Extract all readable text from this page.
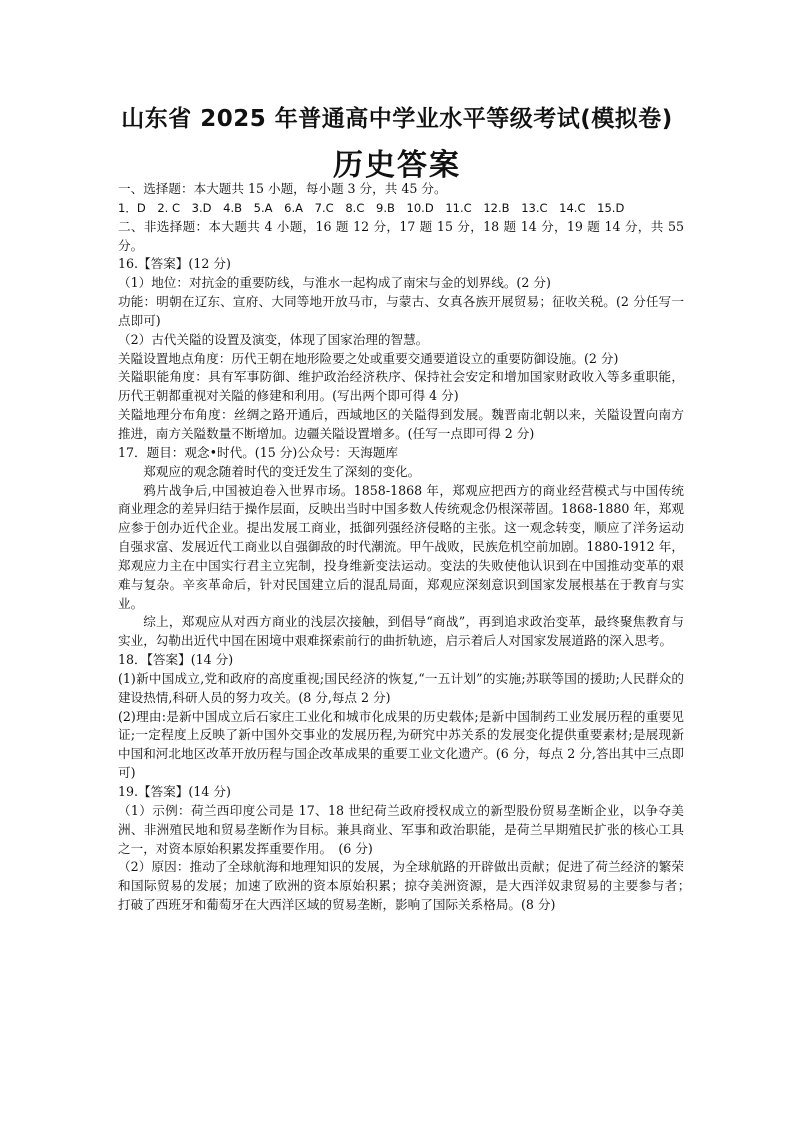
山东省 2025 年普通高中学业水平等级考试(模拟卷)
历史答案

一、选择题：本大题共 15 小题，每小题 3 分，共 45 分。

1．D 2. C 3.D 4.B 5.A 6.A 7.C 8.C 9.B 10.D 11.C 12.B 13.C 14.C 15.D

二、非选择题：本大题共 4 小题，16 题 12 分，17 题 15 分，18 题 14 分，19 题 14 分，共 55 分。

16.【答案】(12 分)

（1）地位：对抗金的重要防线，与淮水一起构成了南宋与金的划界线。(2 分)

功能：明朝在辽东、宣府、大同等地开放马市，与蒙古、女真各族开展贸易；征收关税。(2 分任写一点即可)

（2）古代关隘的设置及演变，体现了国家治理的智慧。

关隘设置地点角度：历代王朝在地形险要之处或重要交通要道设立的重要防御设施。(2 分)

关隘职能角度：具有军事防御、维护政治经济秩序、保持社会安定和增加国家财政收入等多重职能，历代王朝都重视对关隘的修建和利用。(写出两个即可得 4 分)

关隘地理分布角度：丝绸之路开通后，西域地区的关隘得到发展。魏晋南北朝以来，关隘设置向南方推进，南方关隘数量不断增加。边疆关隘设置增多。(任写一点即可得 2 分)

17．题目：观念•时代。(15 分)公众号：天海题库

郑观应的观念随着时代的变迁发生了深刻的变化。

鸦片战争后,中国被迫卷入世界市场。1858-1868 年，郑观应把西方的商业经营模式与中国传统商业理念的差异归结于操作层面，反映出当时中国多数人传统观念仍根深蒂固。1868-1880 年，郑观应参于创办近代企业。提出发展工商业，抵御列强经济侵略的主张。这一观念转变，顺应了洋务运动自强求富、发展近代工商业以自强御敌的时代潮流。甲午战败，民族危机空前加剧。1880-1912 年，郑观应力主在中国实行君主立宪制，投身维新变法运动。变法的失败使他认识到在中国推动变革的艰难与复杂。辛亥革命后，针对民国建立后的混乱局面，郑观应深刻意识到国家发展根基在于教育与实业。

综上，郑观应从对西方商业的浅层次接触，到倡导“商战”，再到追求政治变革，最终聚焦教育与实业，勾勒出近代中国在困境中艰难探索前行的曲折轨迹，启示着后人对国家发展道路的深入思考。

18．【答案】(14 分)

(1)新中国成立,党和政府的高度重视;国民经济的恢复,“一五计划”的实施;苏联等国的援助;人民群众的建设热情,科研人员的努力攻关。(8 分,每点 2 分)

(2)理由:是新中国成立后石家庄工业化和城市化成果的历史载体;是新中国制药工业发展历程的重要见证;一定程度上反映了新中国外交事业的发展历程,为研究中苏关系的发展变化提供重要素材;是展现新中国和河北地区改革开放历程与国企改革成果的重要工业文化遗产。(6 分，每点 2 分,答出其中三点即可)

19.【答案】(14 分)

（1）示例：荷兰西印度公司是 17、18 世纪荷兰政府授权成立的新型股份贸易垄断企业，以争夺美洲、非洲殖民地和贸易垄断作为目标。兼具商业、军事和政治职能，是荷兰早期殖民扩张的核心工具之一，对资本原始积累发挥重要作用。　(6 分)

（2）原因：推动了全球航海和地理知识的发展，为全球航路的开辟做出贡献；促进了荷兰经济的繁荣和国际贸易的发展；加速了欧洲的资本原始积累；掠夺美洲资源，是大西洋奴隶贸易的主要参与者；　打破了西班牙和葡萄牙在大西洋区域的贸易垄断，影响了国际关系格局。(8 分)
